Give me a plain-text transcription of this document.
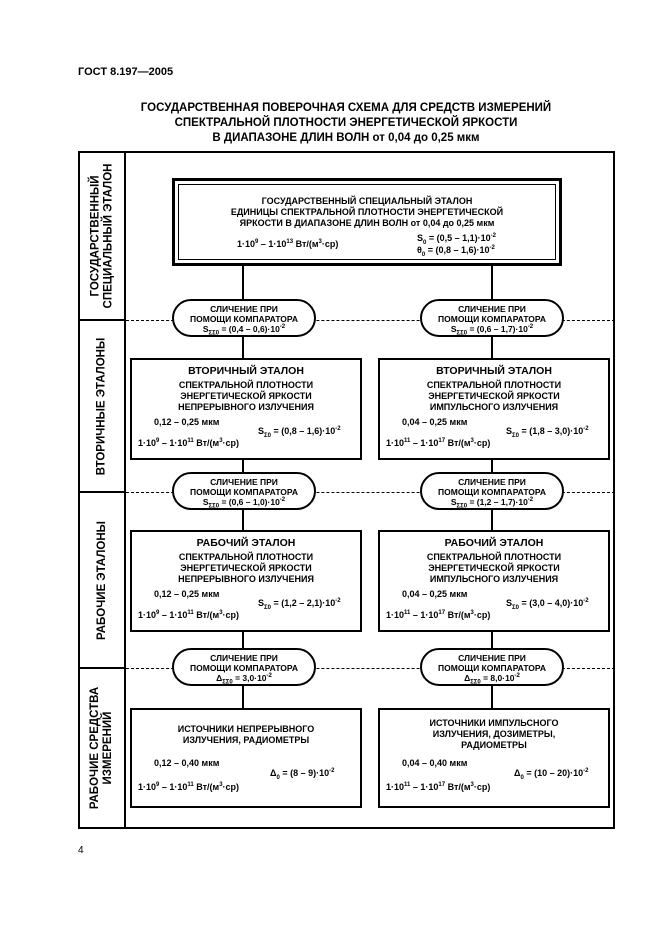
ГОСТ 8.197—2005
ГОСУДАРСТВЕННАЯ ПОВЕРОЧНАЯ СХЕМА ДЛЯ СРЕДСТВ ИЗМЕРЕНИЙ
СПЕКТРАЛЬНОЙ ПЛОТНОСТИ ЭНЕРГЕТИЧЕСКОЙ ЯРКОСТИ
В ДИАПАЗОНЕ ДЛИН ВОЛН от 0,04 до 0,25 мкм
ГОСУДАРСТВЕННЫЙ
СПЕЦИАЛЬНЫЙ ЭТАЛОН
ВТОРИЧНЫЕ ЭТАЛОНЫ
РАБОЧИЕ ЭТАЛОНЫ
РАБОЧИЕ СРЕДСТВА
ИЗМЕРЕНИЙ
ГОСУДАРСТВЕННЫЙ СПЕЦИАЛЬНЫЙ ЭТАЛОН
ЕДИНИЦЫ СПЕКТРАЛЬНОЙ ПЛОТНОСТИ ЭНЕРГЕТИЧЕСКОЙ
ЯРКОСТИ В ДИАПАЗОНЕ ДЛИН ВОЛН от 0,04 до 0,25 мкм
$1\cdot 10^9 - 1\cdot 10^{13}$ $Вт/(м^3\cdot ср)$
$S_0 = (0,5 - 1,1)\cdot 10^{-2}$
$\theta_0 = (0,8 - 1,6)\cdot 10^{-2}$
СЛИЧЕНИЕ ПРИ
ПОМОЩИ КОМПАРАТОРА
$S_{\Sigma\Sigma 0} = (0,4 - 0,6)\cdot 10^{-2}$
СЛИЧЕНИЕ ПРИ
ПОМОЩИ КОМПАРАТОРА
$S_{\Sigma\Sigma 0} = (0,6 - 1,7)\cdot 10^{-2}$
СЛИЧЕНИЕ ПРИ
ПОМОЩИ КОМПАРАТОРА
$S_{\Sigma\Sigma 0} = (0,6 - 1,0)\cdot 10^{-2}$
СЛИЧЕНИЕ ПРИ
ПОМОЩИ КОМПАРАТОРА
$S_{\Sigma\Sigma 0} = (1,2 - 1,7)\cdot 10^{-2}$
СЛИЧЕНИЕ ПРИ
ПОМОЩИ КОМПАРАТОРА
$\Delta_{\Sigma\Sigma 0} = 3,0\cdot 10^{-2}$
СЛИЧЕНИЕ ПРИ
ПОМОЩИ КОМПАРАТОРА
$\Delta_{\Sigma\Sigma 0} = 8,0\cdot 10^{-2}$
ВТОРИЧНЫЙ ЭТАЛОН
СПЕКТРАЛЬНОЙ ПЛОТНОСТИ
ЭНЕРГЕТИЧЕСКОЙ ЯРКОСТИ
НЕПРЕРЫВНОГО ИЗЛУЧЕНИЯ
0,12 – 0,25 мкм
$S_{\Sigma 0} = (0,8 - 1,6)\cdot 10^{-2}$
$1\cdot 10^9 - 1\cdot 10^{11}$ $Вт/(м^3\cdot ср)$
ВТОРИЧНЫЙ ЭТАЛОН
СПЕКТРАЛЬНОЙ ПЛОТНОСТИ
ЭНЕРГЕТИЧЕСКОЙ ЯРКОСТИ
ИМПУЛЬСНОГО ИЗЛУЧЕНИЯ
0,04 – 0,25 мкм
$S_{\Sigma 0} = (1,8 - 3,0)\cdot 10^{-2}$
$1\cdot 10^{11} - 1\cdot 10^{17}$ $Вт/(м^3\cdot ср)$
РАБОЧИЙ ЭТАЛОН
СПЕКТРАЛЬНОЙ ПЛОТНОСТИ
ЭНЕРГЕТИЧЕСКОЙ ЯРКОСТИ
НЕПРЕРЫВНОГО ИЗЛУЧЕНИЯ
0,12 – 0,25 мкм
$S_{\Sigma 0} = (1,2 - 2,1)\cdot 10^{-2}$
$1\cdot 10^9 - 1\cdot 10^{11}$ $Вт/(м^3\cdot ср)$
РАБОЧИЙ ЭТАЛОН
СПЕКТРАЛЬНОЙ ПЛОТНОСТИ
ЭНЕРГЕТИЧЕСКОЙ ЯРКОСТИ
ИМПУЛЬСНОГО ИЗЛУЧЕНИЯ
0,04 – 0,25 мкм
$S_{\Sigma 0} = (3,0 - 4,0)\cdot 10^{-2}$
$1\cdot 10^{11} - 1\cdot 10^{17}$ $Вт/(м^3\cdot ср)$
ИСТОЧНИКИ НЕПРЕРЫВНОГО
ИЗЛУЧЕНИЯ, РАДИОМЕТРЫ
0,12 – 0,40 мкм
$\Delta_0 = (8 - 9)\cdot 10^{-2}$
$1\cdot 10^9 - 1\cdot 10^{11}$ $Вт/(м^3\cdot ср)$
ИСТОЧНИКИ ИМПУЛЬСНОГО
ИЗЛУЧЕНИЯ, ДОЗИМЕТРЫ,
РАДИОМЕТРЫ
0,04 – 0,40 мкм
$\Delta_0 = (10 - 20)\cdot 10^{-2}$
$1\cdot 10^{11} - 1\cdot 10^{17}$ $Вт/(м^3\cdot ср)$
4
